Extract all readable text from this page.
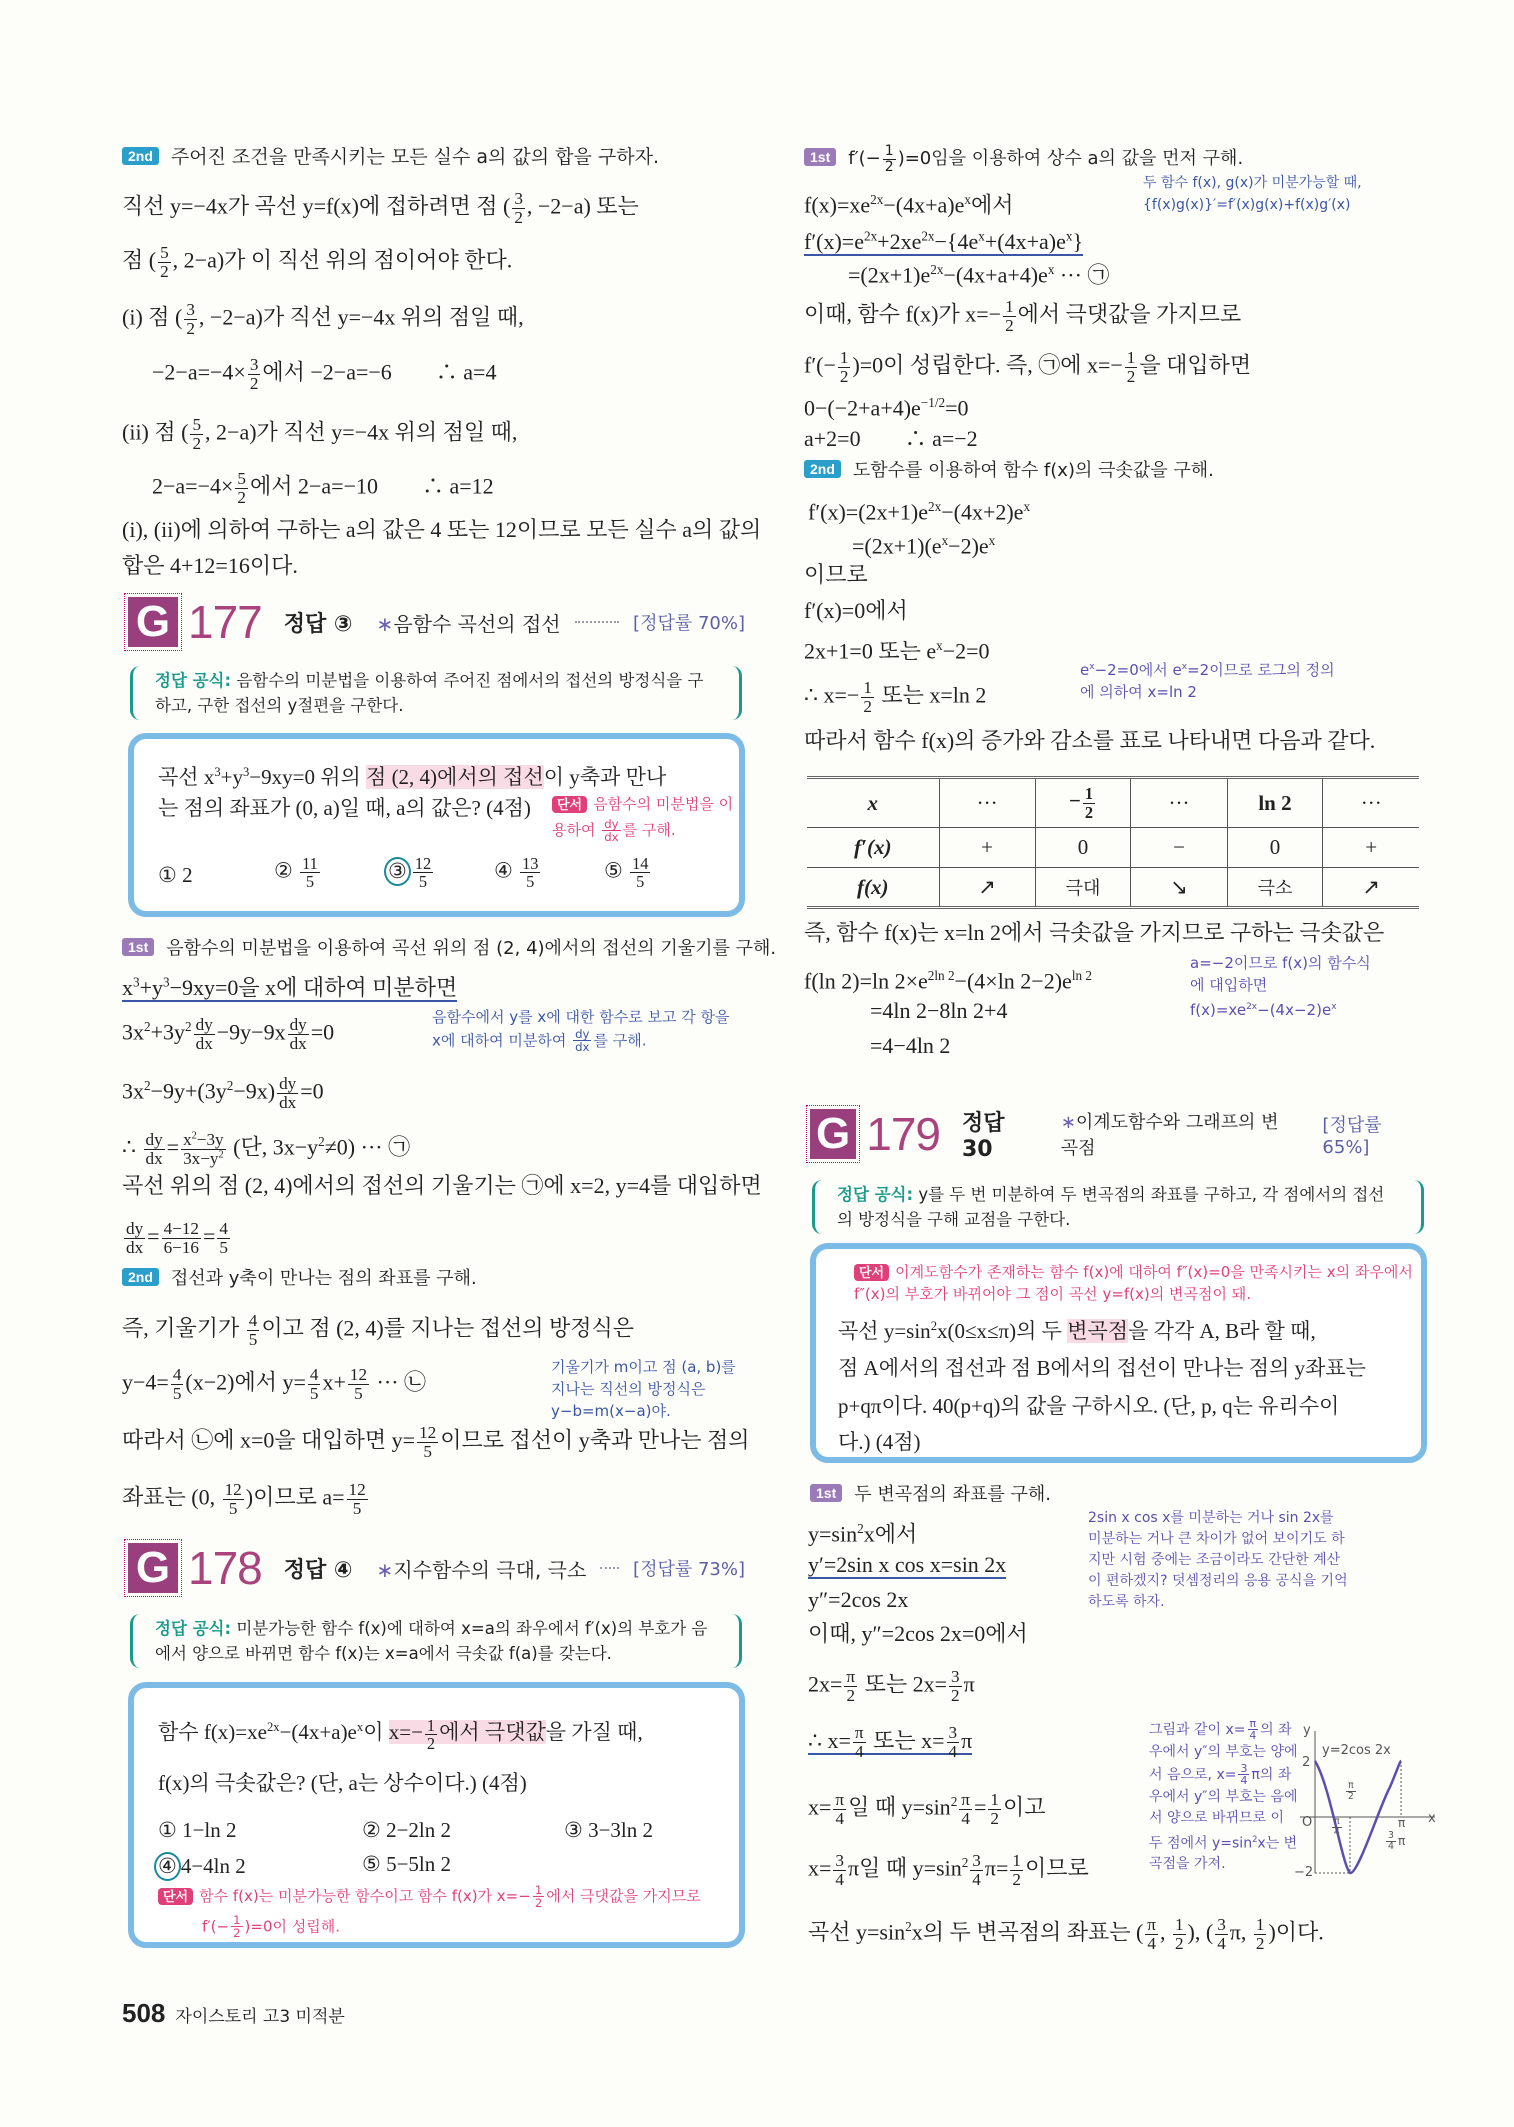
2nd 주어진 조건을 만족시키는 모든 실수 a의 값의 합을 구하자.
직선 y=−4x가 곡선 y=f(x)에 접하려면 점 ( $\frac{3}{2}$ , −2−a) 또는
점 ( $\frac{5}{2}$ , 2−a)가 이 직선 위의 점이어야 한다.
(i) 점 ( $\frac{3}{2}$ , −2−a)가 직선 y=−4x 위의 점일 때,
$-2-a=-4\times \frac{3}{2}$ 에서 −2−a=−6　　∴ a=4
(ii) 점 ( $\frac{5}{2}$ , 2−a)가 직선 y=−4x 위의 점일 때,
$2-a=-4\times \frac{5}{2}$ 에서 2−a=−10　　∴ a=12
(i), (ii)에 의하여 구하는 a의 값은 4 또는 12이므로 모든 실수 a의 값의
합은 4+12=16이다.
G 177 정답 ③ ∗음함수 곡선의 접선	[정답률 70%]
정답 공식: 음함수의 미분법을 이용하여 주어진 점에서의 접선의 방정식을 구하고, 구한 접선의 y절편을 구한다.
곡선 $x^3+y^3-9xy=0$ 위의 점 (2, 4)에서의 접선이 y축과 만나
는 점의 좌표가 (0, a)일 때, a의 값은? (4점)	단서 음함수의 미분법을 이용하여 $\frac{dy}{dx}$ 를 구해.
① 2	② $\frac{11}{5}$	③ $\frac{12}{5}$	④ $\frac{13}{5}$	⑤ $\frac{14}{5}$
1st 음함수의 미분법을 이용하여 곡선 위의 점 (2, 4)에서의 접선의 기울기를 구해.
$x^3+y^3-9xy=0$을 x에 대하여 미분하면
$3x^2+3y^2 \frac{dy}{dx} -9y-9x \frac{dy}{dx} =0$
음함수에서 y를 x에 대한 함수로 보고 각 항을 x에 대하여 미분하여 $\frac{dy}{dx}$ 를 구해.
$3x^2-9y+(3y^2-9x) \frac{dy}{dx} =0$
∴ $\frac{dy}{dx} = \frac{x^2-3y}{3x-y^2}$ (단, $3x-y^2\ne 0$) ··· ㉠
곡선 위의 점 (2, 4)에서의 접선의 기울기는 ㉠에 x=2, y=4를 대입하면
$\frac{dy}{dx} = \frac{4-12}{6-16} = \frac{4}{5}$
2nd 접선과 y축이 만나는 점의 좌표를 구해.
즉, 기울기가 $\frac{4}{5}$ 이고 점 (2, 4)를 지나는 접선의 방정식은
$y-4= \frac{4}{5} (x-2)$에서 $y= \frac{4}{5} x+ \frac{12}{5}$ ··· ㉡
기울기가 m이고 점 (a, b)를 지나는 직선의 방정식은 y−b=m(x−a)야.
따라서 ㉡에 x=0을 대입하면 $y= \frac{12}{5}$ 이므로 접선이 y축과 만나는 점의
좌표는 (0, $\frac{12}{5}$ )이므로 $a= \frac{12}{5}$
G 178 정답 ④ ∗지수함수의 극대, 극소	[정답률 73%]
정답 공식: 미분가능한 함수 f(x)에 대하여 x=a의 좌우에서 f′(x)의 부호가 음에서 양으로 바뀌면 함수 f(x)는 x=a에서 극솟값 f(a)를 갖는다.
함수 $f(x)=xe^{2x}-(4x+a)e^x$이 $x=- \frac{1}{2}$ 에서 극댓값을 가질 때,
f(x)의 극솟값은? (단, a는 상수이다.) (4점)
① 1−ln 2	② 2−2ln 2	③ 3−3ln 2
④ 4−4ln 2	⑤ 5−5ln 2
단서 함수 f(x)는 미분가능한 함수이고 함수 f(x)가 $x=- \frac{1}{2}$ 에서 극댓값을 가지므로
$f'(- \frac{1}{2} )=0$이 성립해.
508 자이스토리 고3 미적분
1st $f'(- \frac{1}{2} )=0$임을 이용하여 상수 a의 값을 먼저 구해.
$f(x)=xe^{2x}-(4x+a)e^x$에서
두 함수 f(x), g(x)가 미분가능할 때, {f(x)g(x)}′=f′(x)g(x)+f(x)g′(x)
$f'(x)=e^{2x}+2xe^{2x}-\{4e^x+(4x+a)e^x\}$
　　$=(2x+1)e^{2x}-(4x+a+4)e^x$ ··· ㉠
이때, 함수 f(x)가 $x=- \frac{1}{2}$ 에서 극댓값을 가지므로
$f'(- \frac{1}{2} )=0$이 성립한다. 즉, ㉠에 $x=- \frac{1}{2}$ 을 대입하면
$0-(-2+a+4)e^{-1/2}=0$
a+2=0　　∴ a=−2
2nd 도함수를 이용하여 함수 f(x)의 극솟값을 구해.
$f'(x)=(2x+1)e^{2x}-(4x+2)e^x$
　　$=(2x+1)(e^x-2)e^x$
이므로
f′(x)=0에서
2x+1=0 또는 $e^x-2=0$
$e^x-2=0$에서 $e^x=2$이므로 로그의 정의에 의하여 x=ln 2
∴ $x=- \frac{1}{2}$ 또는 x=ln 2
따라서 함수 f(x)의 증가와 감소를 표로 나타내면 다음과 같다.
x	···	− $\frac{1}{2}$	···	ln 2	···
f′(x)	+	0	−	0	+
f(x)	↗	극대	↘	극소	↗
즉, 함수 f(x)는 x=ln 2에서 극솟값을 가지므로 구하는 극솟값은
f(ln 2)=ln $2\times e^{2ln 2}-(4\times\ln$ $2-2)e^{ln 2}$
a=−2이므로 f(x)의 함수식에 대입하면 $f(x)=xe^{2x}-(4x-2)e^x$
　　　=4ln 2−8ln 2+4
　　　=4−4ln 2
G 179 정답 30
∗이계도함수와 그래프의 변곡점
[정답률 65%]
정답 공식: y를 두 번 미분하여 두 변곡점의 좌표를 구하고, 각 점에서의 접선의 방정식을 구해 교점을 구한다.
단서 이계도함수가 존재하는 함수 f(x)에 대하여 f″(x)=0을 만족시키는 x의 좌우에서 f″(x)의 부호가 바뀌어야 그 점이 곡선 y=f(x)의 변곡점이 돼.
곡선 $y=\sin^2x(0\le x\le\pi)$의 두 변곡점을 각각 A, B라 할 때,
점 A에서의 접선과 점 B에서의 접선이 만나는 점의 y좌표는
p+qπ이다. 40(p+q)의 값을 구하시오. (단, p, q는 유리수이
다.) (4점)
1st 두 변곡점의 좌표를 구해.
$y=\sin^2x$에서
y′=2sin x cos x=sin 2x
2sin x cos x를 미분하는 거나 sin 2x를 미분하는 거나 큰 차이가 없어 보이기도 하지만 시험 중에는 조금이라도 간단한 계산이 편하겠지? 덧셈정리의 응용 공식을 기억하도록 하자.
y″=2cos 2x
이때, y″=2cos 2x=0에서
$2x= \frac{\pi}{2}$ 또는 $2x= \frac{3}{2}$ π
∴ $x= \frac{\pi}{4}$ 또는 $x= \frac{3}{4}$ π	그림과 같이 $x= \frac{\pi}{4}$ 의 좌우에서 y″의 부호는 양에서 음으로, $x= \frac{3}{4}$ π의 좌우에서 y″의 부호는 음에서 양으로 바뀌므로 이 두 점에서 $y=\sin^2x$는 변곡점을 가져.
$x= \frac{\pi}{4}$ 일 때 $y=\sin^2 \frac{\pi}{4} = \frac{1}{2}$ 이고
$x= \frac{3}{4}$ π일 때 $y=\sin^2 \frac{3}{4} \pi= \frac{1}{2}$ 이므로
곡선 $y=\sin^2x$의 두 변곡점의 좌표는 ( $\frac{\pi}{4}$ , $\frac{1}{2}$ ), ( $\frac{3}{4} \pi$, $\frac{1}{2}$ )이다.
y
x
O
2
−2
y=2cos 2x
$\frac{\pi}{4}$
$\frac{\pi}{2}$
$\frac{3}{4}$ π
π
